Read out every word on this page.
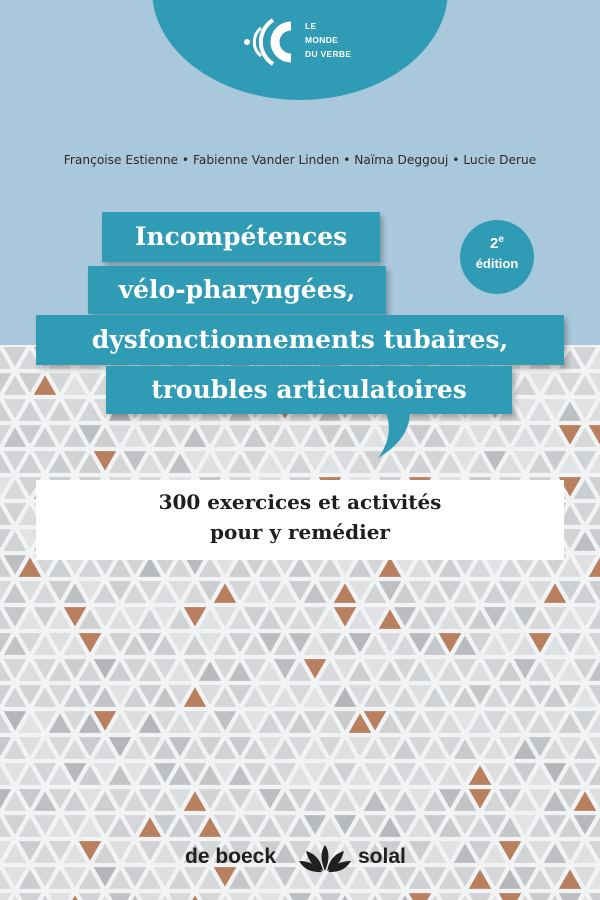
LE
MONDE
DU VERBE
Françoise Estienne • Fabienne Vander Linden • Naïma Deggouj • Lucie Derue
Incompétences
vélo-pharyngées,
dysfonctionnements tubaires,
troubles articulatoires
2e
édition
300 exercices et activités
pour y remédier
de boeck	solal
